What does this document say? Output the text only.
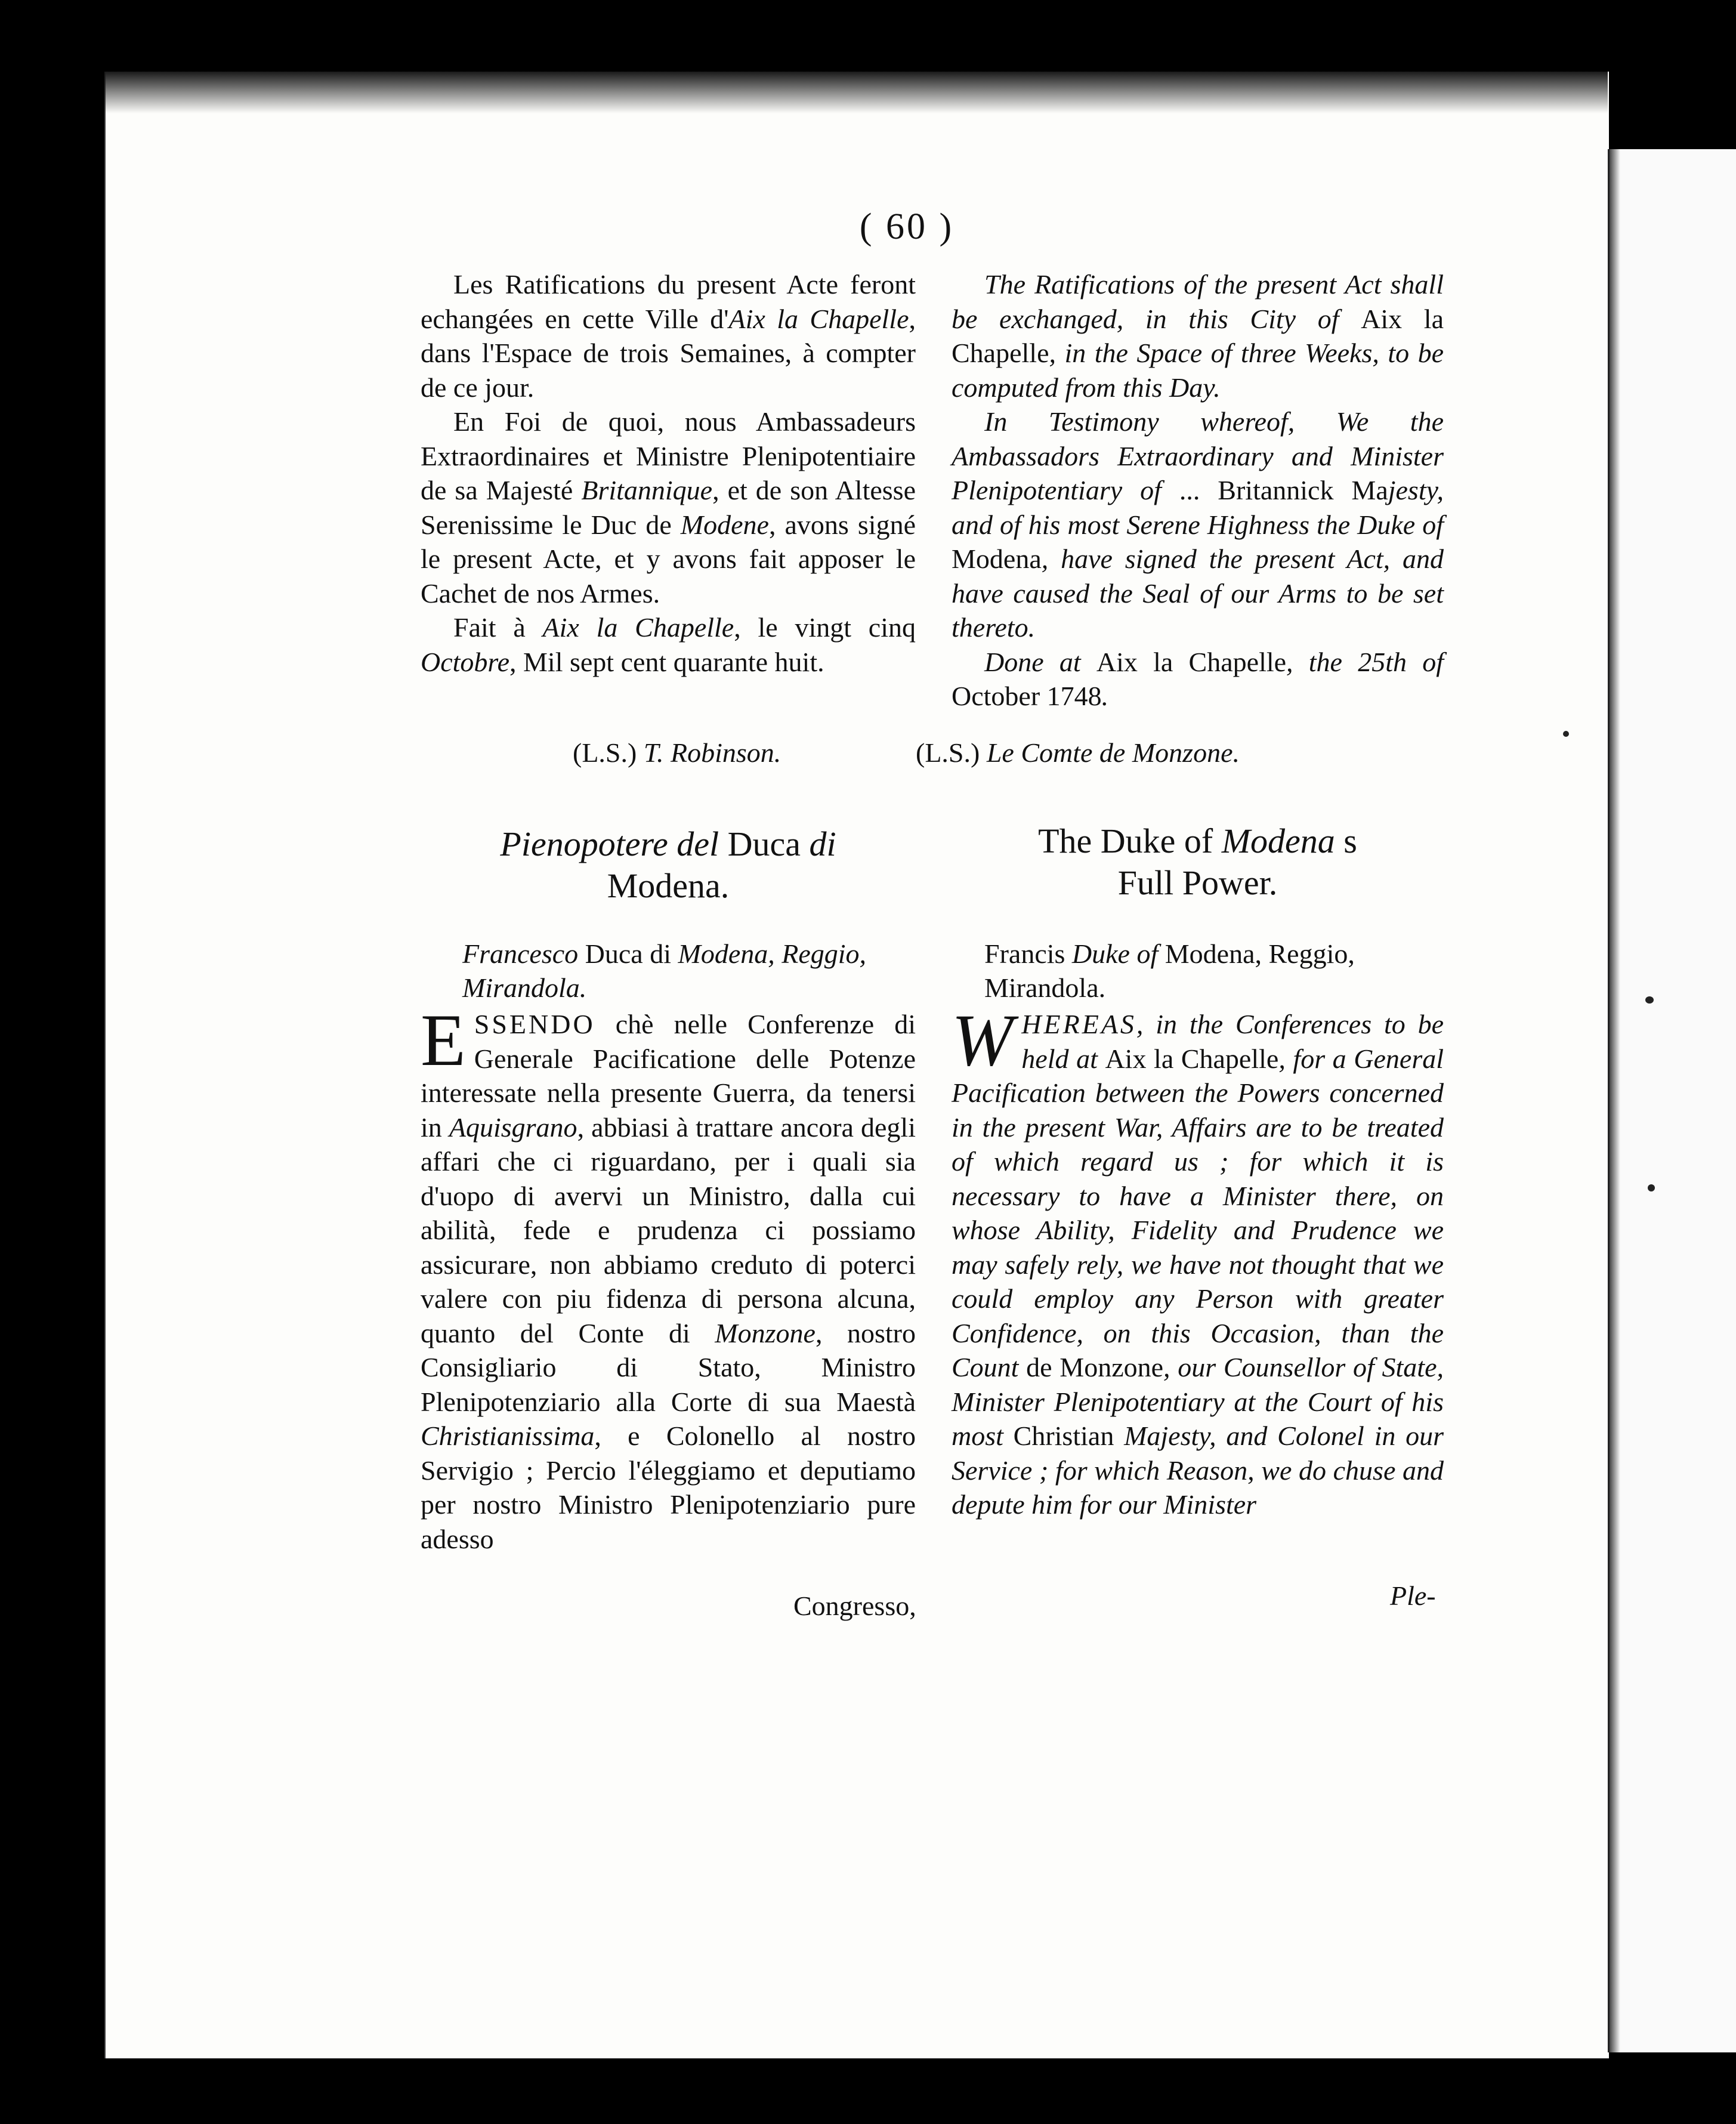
( 60 )

Les Ratifications du present Acte feront echangées en cette Ville d'Aix la Chapelle, dans l'Espace de trois Semaines, à compter de ce jour.

En Foi de quoi, nous Ambassadeurs Extraordinaires et Ministre Plenipotentiaire de sa Majesté Britannique, et de son Altesse Serenissime le Duc de Modene, avons signé le present Acte, et y avons fait apposer le Cachet de nos Armes.

Fait à Aix la Chapelle, le vingt cinq Octobre, Mil sept cent quarante huit.

The Ratifications of the present Act shall be exchanged, in this City of Aix la Chapelle, in the Space of three Weeks, to be computed from this Day.

In Testimony whereof, We the Ambassadors Extraordinary and Minister Plenipotentiary of ... Britannick Majesty, and of his most Serene Highness the Duke of Modena, have signed the present Act, and have caused the Seal of our Arms to be set thereto.

Done at Aix la Chapelle, the 25th of October 1748.

(L.S.) T. Robinson.	(L.S.) Le Comte de Monzone.
Pienopotere del Duca di
Modena.
The Duke of Modena s
Full Power.
Francesco Duca di Modena, Reggio, Mirandola.
Francis Duke of Modena, Reggio, Mirandola.

ESSENDO chè nelle Conferenze di Generale Pacificatione delle Potenze interessate nella presente Guerra, da tenersi in Aquisgrano, abbiasi à trattare ancora degli affari che ci riguardano, per i quali sia d'uopo di avervi un Ministro, dalla cui abilità, fede e prudenza ci possiamo assicurare, non abbiamo creduto di poterci valere con piu fidenza di persona alcuna, quanto del Conte di Monzone, nostro Consigliario di Stato, Ministro Plenipotenziario alla Corte di sua Maestà Christianissima, e Colonello al nostro Servigio ; Percio l'éleggiamo et deputiamo per nostro Ministro Plenipotenziario pure adesso

Congresso,

WHEREAS, in the Conferences to be held at Aix la Chapelle, for a General Pacification between the Powers concerned in the present War, Affairs are to be treated of which regard us ; for which it is necessary to have a Minister there, on whose Ability, Fidelity and Prudence we may safely rely, we have not thought that we could employ any Person with greater Confidence, on this Occasion, than the Count de Monzone, our Counsellor of State, Minister Plenipotentiary at the Court of his most Christian Majesty, and Colonel in our Service ; for which Reason, we do chuse and depute him for our Minister

Ple-
